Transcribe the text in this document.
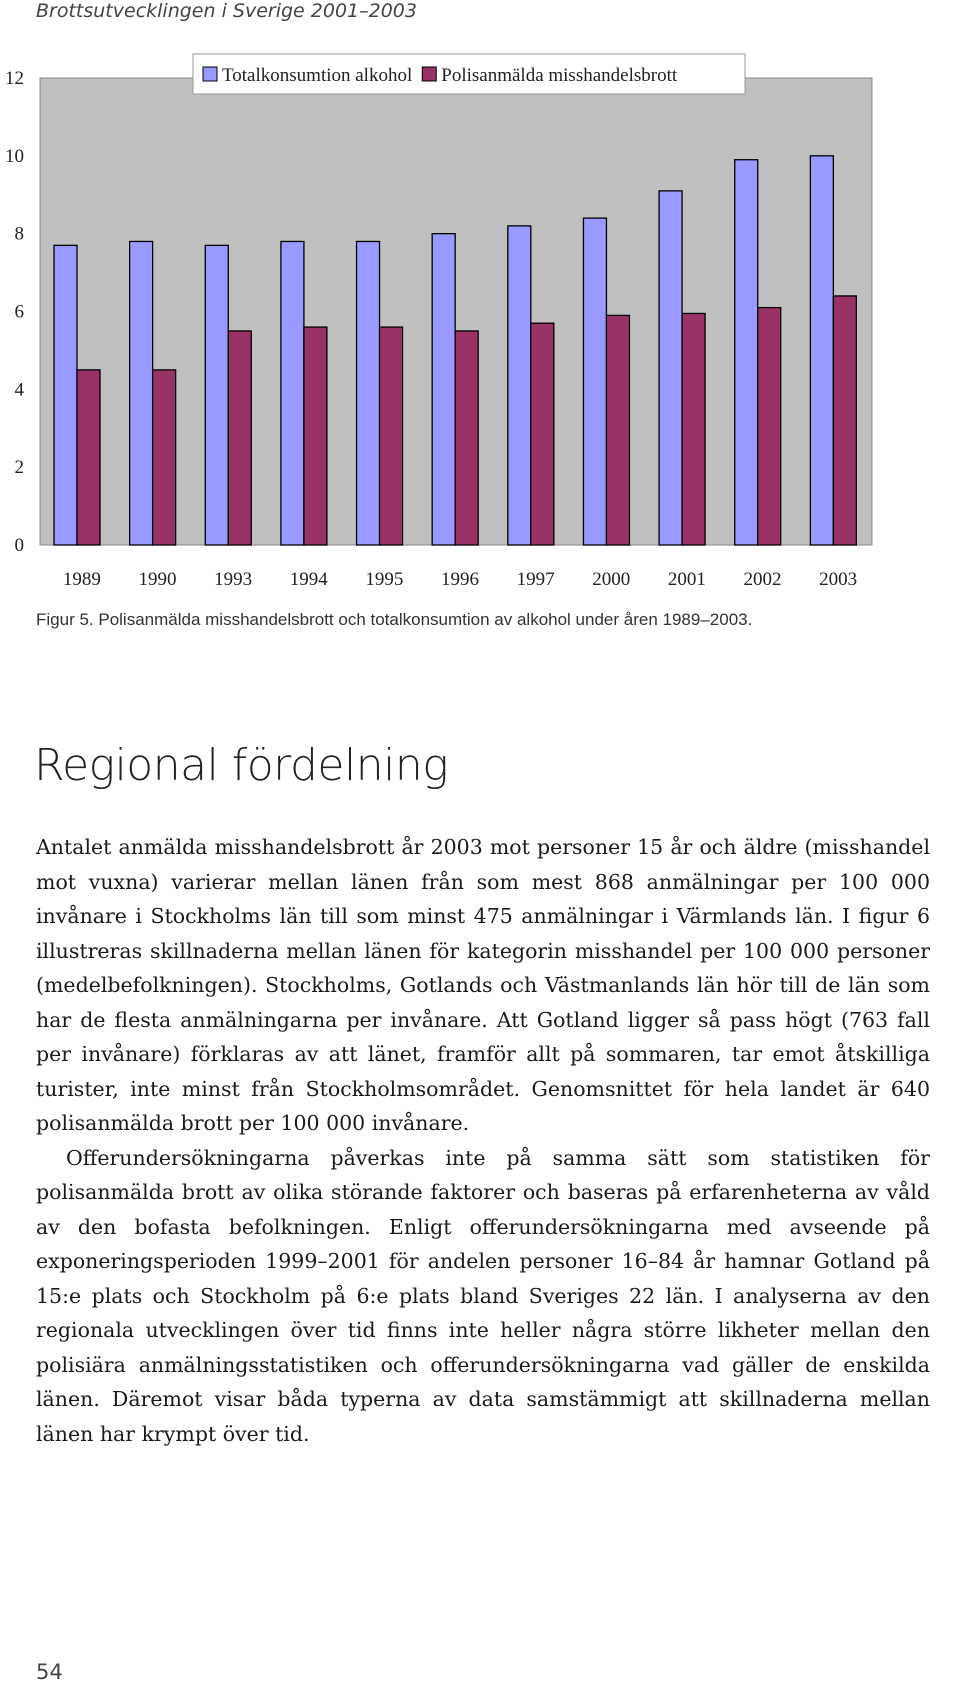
Brottsutvecklingen i Sverige 2001–2003
0
2
4
6
8
10
12
1989 1990 1993 1994 1995 1996 1997 2000 2001 2002 2003
Totalkonsumtion alkohol Polisanmälda misshandelsbrott
Figur 5. Polisanmälda misshandelsbrott och totalkonsumtion av alkohol under åren 1989–2003.
Regional fördelning

Antalet anmälda misshandelsbrott år 2003 mot personer 15 år och äldre (misshandel mot vuxna) varierar mellan länen från som mest 868 anmälningar per 100 000 invånare i Stockholms län till som minst 475 anmälningar i Värmlands län. I figur 6 illustreras skillnaderna mellan länen för kategorin misshandel per 100 000 personer (medelbefolkningen). Stockholms, Gotlands och Västmanlands län hör till de län som har de flesta anmälningarna per invånare. Att Gotland ligger så pass högt (763 fall per invånare) förklaras av att länet, framför allt på sommaren, tar emot åtskilliga turister, inte minst från Stockholmsområdet. Genomsnittet för hela landet är 640 polisanmälda brott per 100 000 invånare.

Offerundersökningarna påverkas inte på samma sätt som statistiken för polisanmälda brott av olika störande faktorer och baseras på erfarenheterna av våld av den bofasta befolkningen. Enligt offerundersökningarna med avseende på exponeringsperioden 1999–2001 för andelen personer 16–84 år hamnar Gotland på 15:e plats och Stockholm på 6:e plats bland Sveriges 22 län. I analyserna av den regionala utvecklingen över tid finns inte heller några större likheter mellan den polisiära anmälningsstatistiken och offerundersökningarna vad gäller de enskilda länen. Däremot visar båda typerna av data samstämmigt att skillnaderna mellan länen har krympt över tid.

54
